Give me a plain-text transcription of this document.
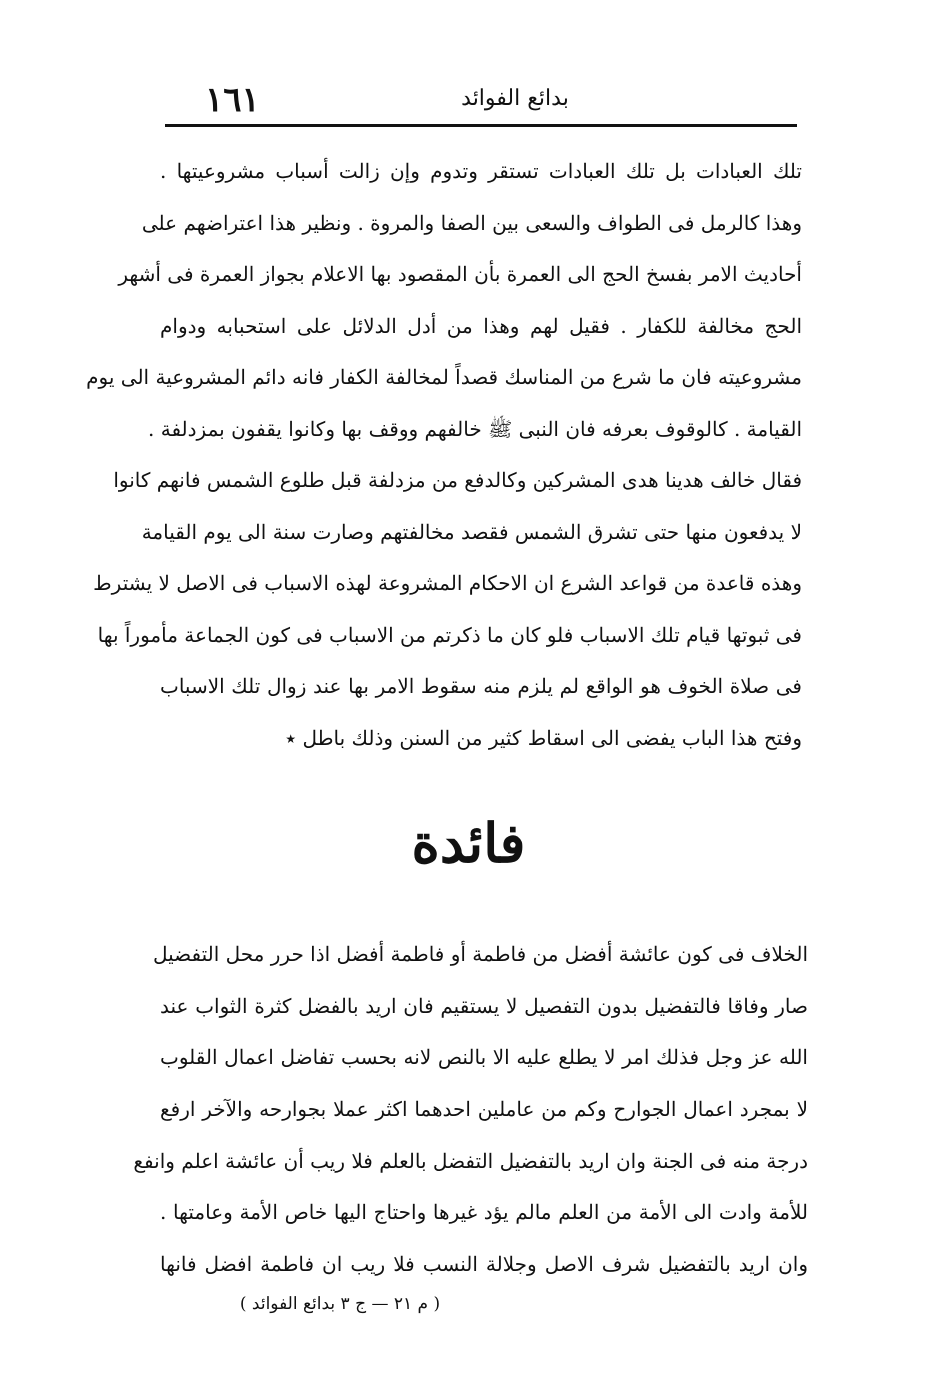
١٦١	بدائع الفوائد
تلك العبادات بل تلك العبادات تستقر وتدوم وإن زالت أسباب مشروعيتها .
وهذا كالرمل فى الطواف والسعى بين الصفا والمروة . ونظير هذا اعتراضهم على
أحاديث الامر بفسخ الحج الى العمرة بأن المقصود بها الاعلام بجواز العمرة فى أشهر
الحج مخالفة للكفار . فقيل لهم وهذا من أدل الدلائل على استحبابه ودوام
مشروعيته فان ما شرع من المناسك قصداً لمخالفة الكفار فانه دائم المشروعية الى يوم
القيامة . كالوقوف بعرفه فان النبى ﷺ خالفهم ووقف بها وكانوا يقفون بمزدلفة .
فقال خالف هدينا هدى المشركين وكالدفع من مزدلفة قبل طلوع الشمس فانهم كانوا
لا يدفعون منها حتى تشرق الشمس فقصد مخالفتهم وصارت سنة الى يوم القيامة
وهذه قاعدة من قواعد الشرع ان الاحكام المشروعة لهذه الاسباب فى الاصل لا يشترط
فى ثبوتها قيام تلك الاسباب فلو كان ما ذكرتم من الاسباب فى كون الجماعة مأموراً بها
فى صلاة الخوف هو الواقع لم يلزم منه سقوط الامر بها عند زوال تلك الاسباب
وفتح هذا الباب يفضى الى اسقاط كثير من السنن وذلك باطل ٭
فائدة
الخلاف فى كون عائشة أفضل من فاطمة أو فاطمة أفضل اذا حرر محل التفضيل
صار وفاقا فالتفضيل بدون التفصيل لا يستقيم فان اريد بالفضل كثرة الثواب عند
الله عز وجل فذلك امر لا يطلع عليه الا بالنص لانه بحسب تفاضل اعمال القلوب
لا بمجرد اعمال الجوارح وكم من عاملين احدهما اكثر عملا بجوارحه والآخر ارفع
درجة منه فى الجنة وان اريد بالتفضيل التفضل بالعلم فلا ريب أن عائشة اعلم وانفع
للأمة وادت الى الأمة من العلم مالم يؤد غيرها واحتاج اليها خاص الأمة وعامتها .
وان اريد بالتفضيل شرف الاصل وجلالة النسب فلا ريب ان فاطمة افضل فانها
( م ٢١ — ج ٣ بدائع الفوائد )
